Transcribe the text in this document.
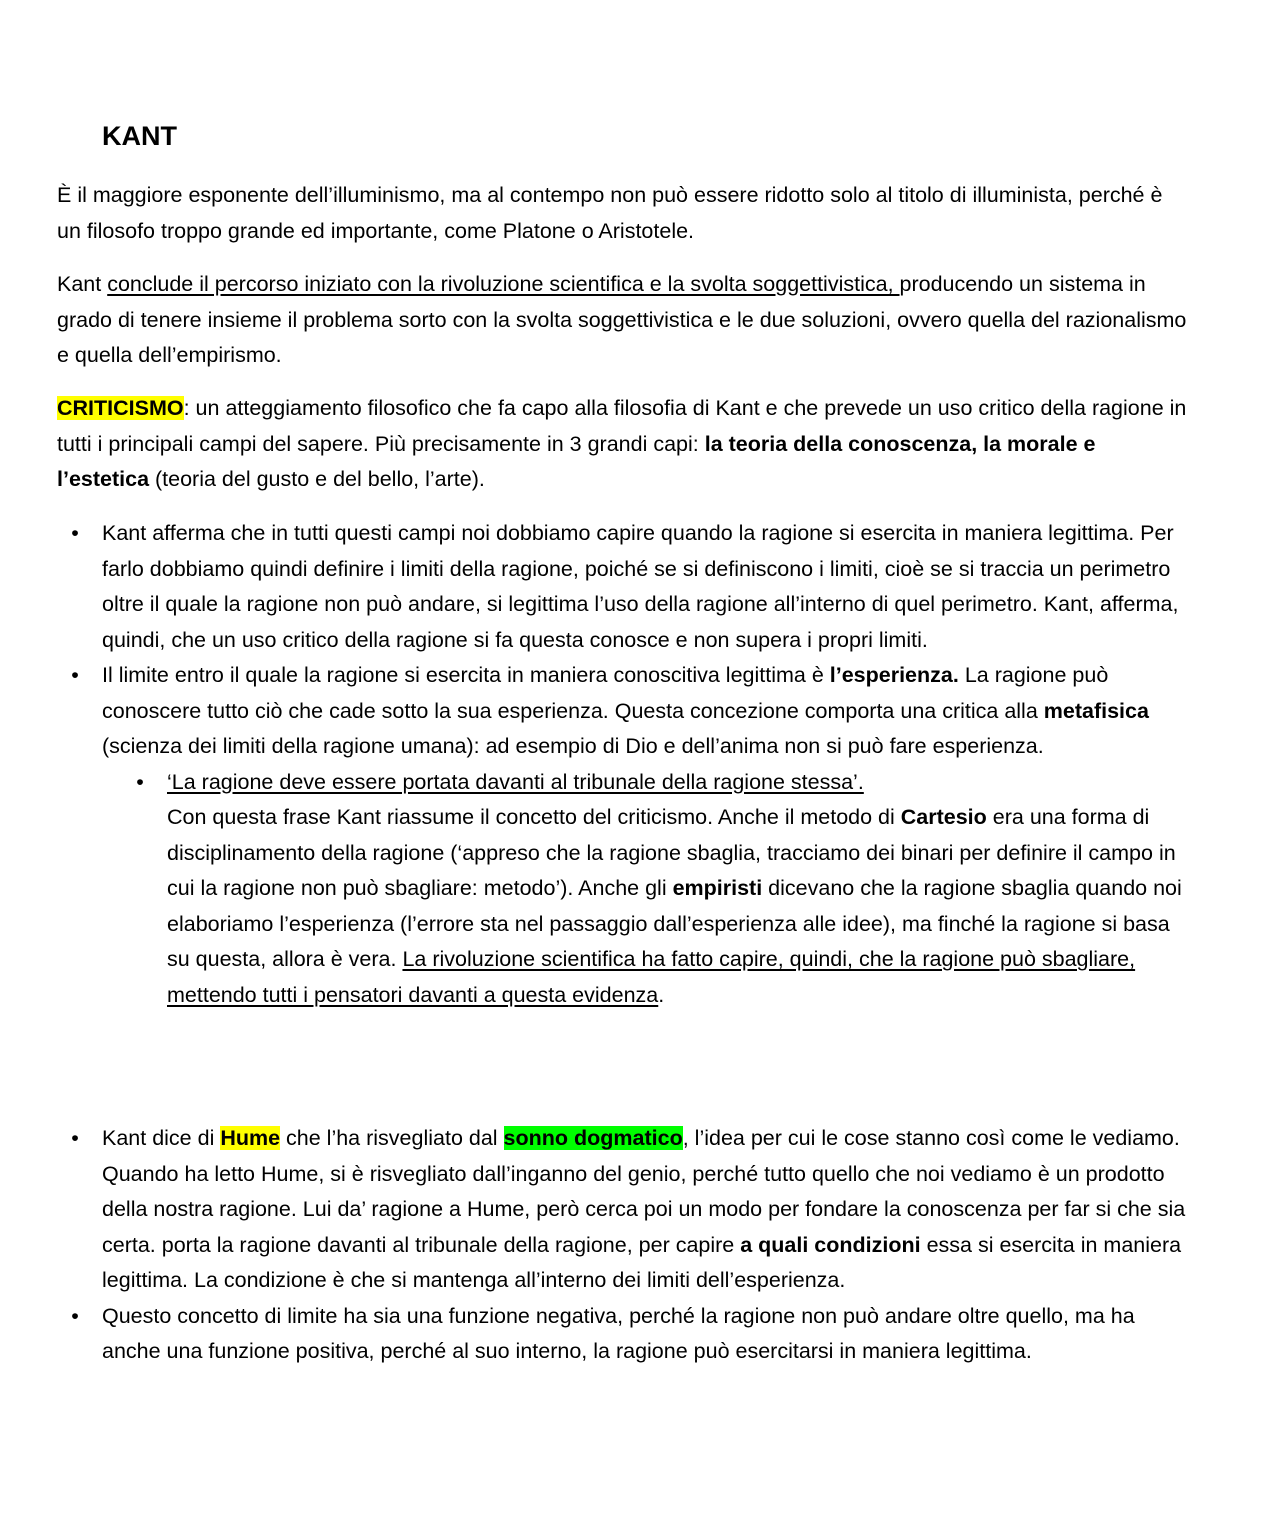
KANT

È il maggiore esponente dell’illuminismo, ma al contempo non può essere ridotto solo al titolo di illuminista, perché è un filosofo troppo grande ed importante, come Platone o Aristotele.

Kant conclude il percorso iniziato con la rivoluzione scientifica e la svolta soggettivistica, producendo un sistema in grado di tenere insieme il problema sorto con la svolta soggettivistica e le due soluzioni, ovvero quella del razionalismo e quella dell’empirismo.

CRITICISMO: un atteggiamento filosofico che fa capo alla filosofia di Kant e che prevede un uso critico della ragione in tutti i principali campi del sapere. Più precisamente in 3 grandi capi: la teoria della conoscenza, la morale e l’estetica (teoria del gusto e del bello, l’arte).

• Kant afferma che in tutti questi campi noi dobbiamo capire quando la ragione si esercita in maniera legittima. Per farlo dobbiamo quindi definire i limiti della ragione, poiché se si definiscono i limiti, cioè se si traccia un perimetro oltre il quale la ragione non può andare, si legittima l’uso della ragione all’interno di quel perimetro. Kant, afferma, quindi, che un uso critico della ragione si fa questa conosce e non supera i propri limiti.
• Il limite entro il quale la ragione si esercita in maniera conoscitiva legittima è l’esperienza. La ragione può conoscere tutto ciò che cade sotto la sua esperienza. Questa concezione comporta una critica alla metafisica (scienza dei limiti della ragione umana): ad esempio di Dio e dell’anima non si può fare esperienza.
• ‘La ragione deve essere portata davanti al tribunale della ragione stessa’.
Con questa frase Kant riassume il concetto del criticismo. Anche il metodo di Cartesio era una forma di disciplinamento della ragione (‘appreso che la ragione sbaglia, tracciamo dei binari per definire il campo in cui la ragione non può sbagliare: metodo’). Anche gli empiristi dicevano che la ragione sbaglia quando noi elaboriamo l’esperienza (l’errore sta nel passaggio dall’esperienza alle idee), ma finché la ragione si basa su questa, allora è vera. La rivoluzione scientifica ha fatto capire, quindi, che la ragione può sbagliare, mettendo tutti i pensatori davanti a questa evidenza.
• Kant dice di Hume che l’ha risvegliato dal sonno dogmatico, l’idea per cui le cose stanno così come le vediamo. Quando ha letto Hume, si è risvegliato dall’inganno del genio, perché tutto quello che noi vediamo è un prodotto della nostra ragione. Lui da’ ragione a Hume, però cerca poi un modo per fondare la conoscenza per far si che sia certa. porta la ragione davanti al tribunale della ragione, per capire a quali condizioni essa si esercita in maniera legittima. La condizione è che si mantenga all’interno dei limiti dell’esperienza.
• Questo concetto di limite ha sia una funzione negativa, perché la ragione non può andare oltre quello, ma ha anche una funzione positiva, perché al suo interno, la ragione può esercitarsi in maniera legittima.
